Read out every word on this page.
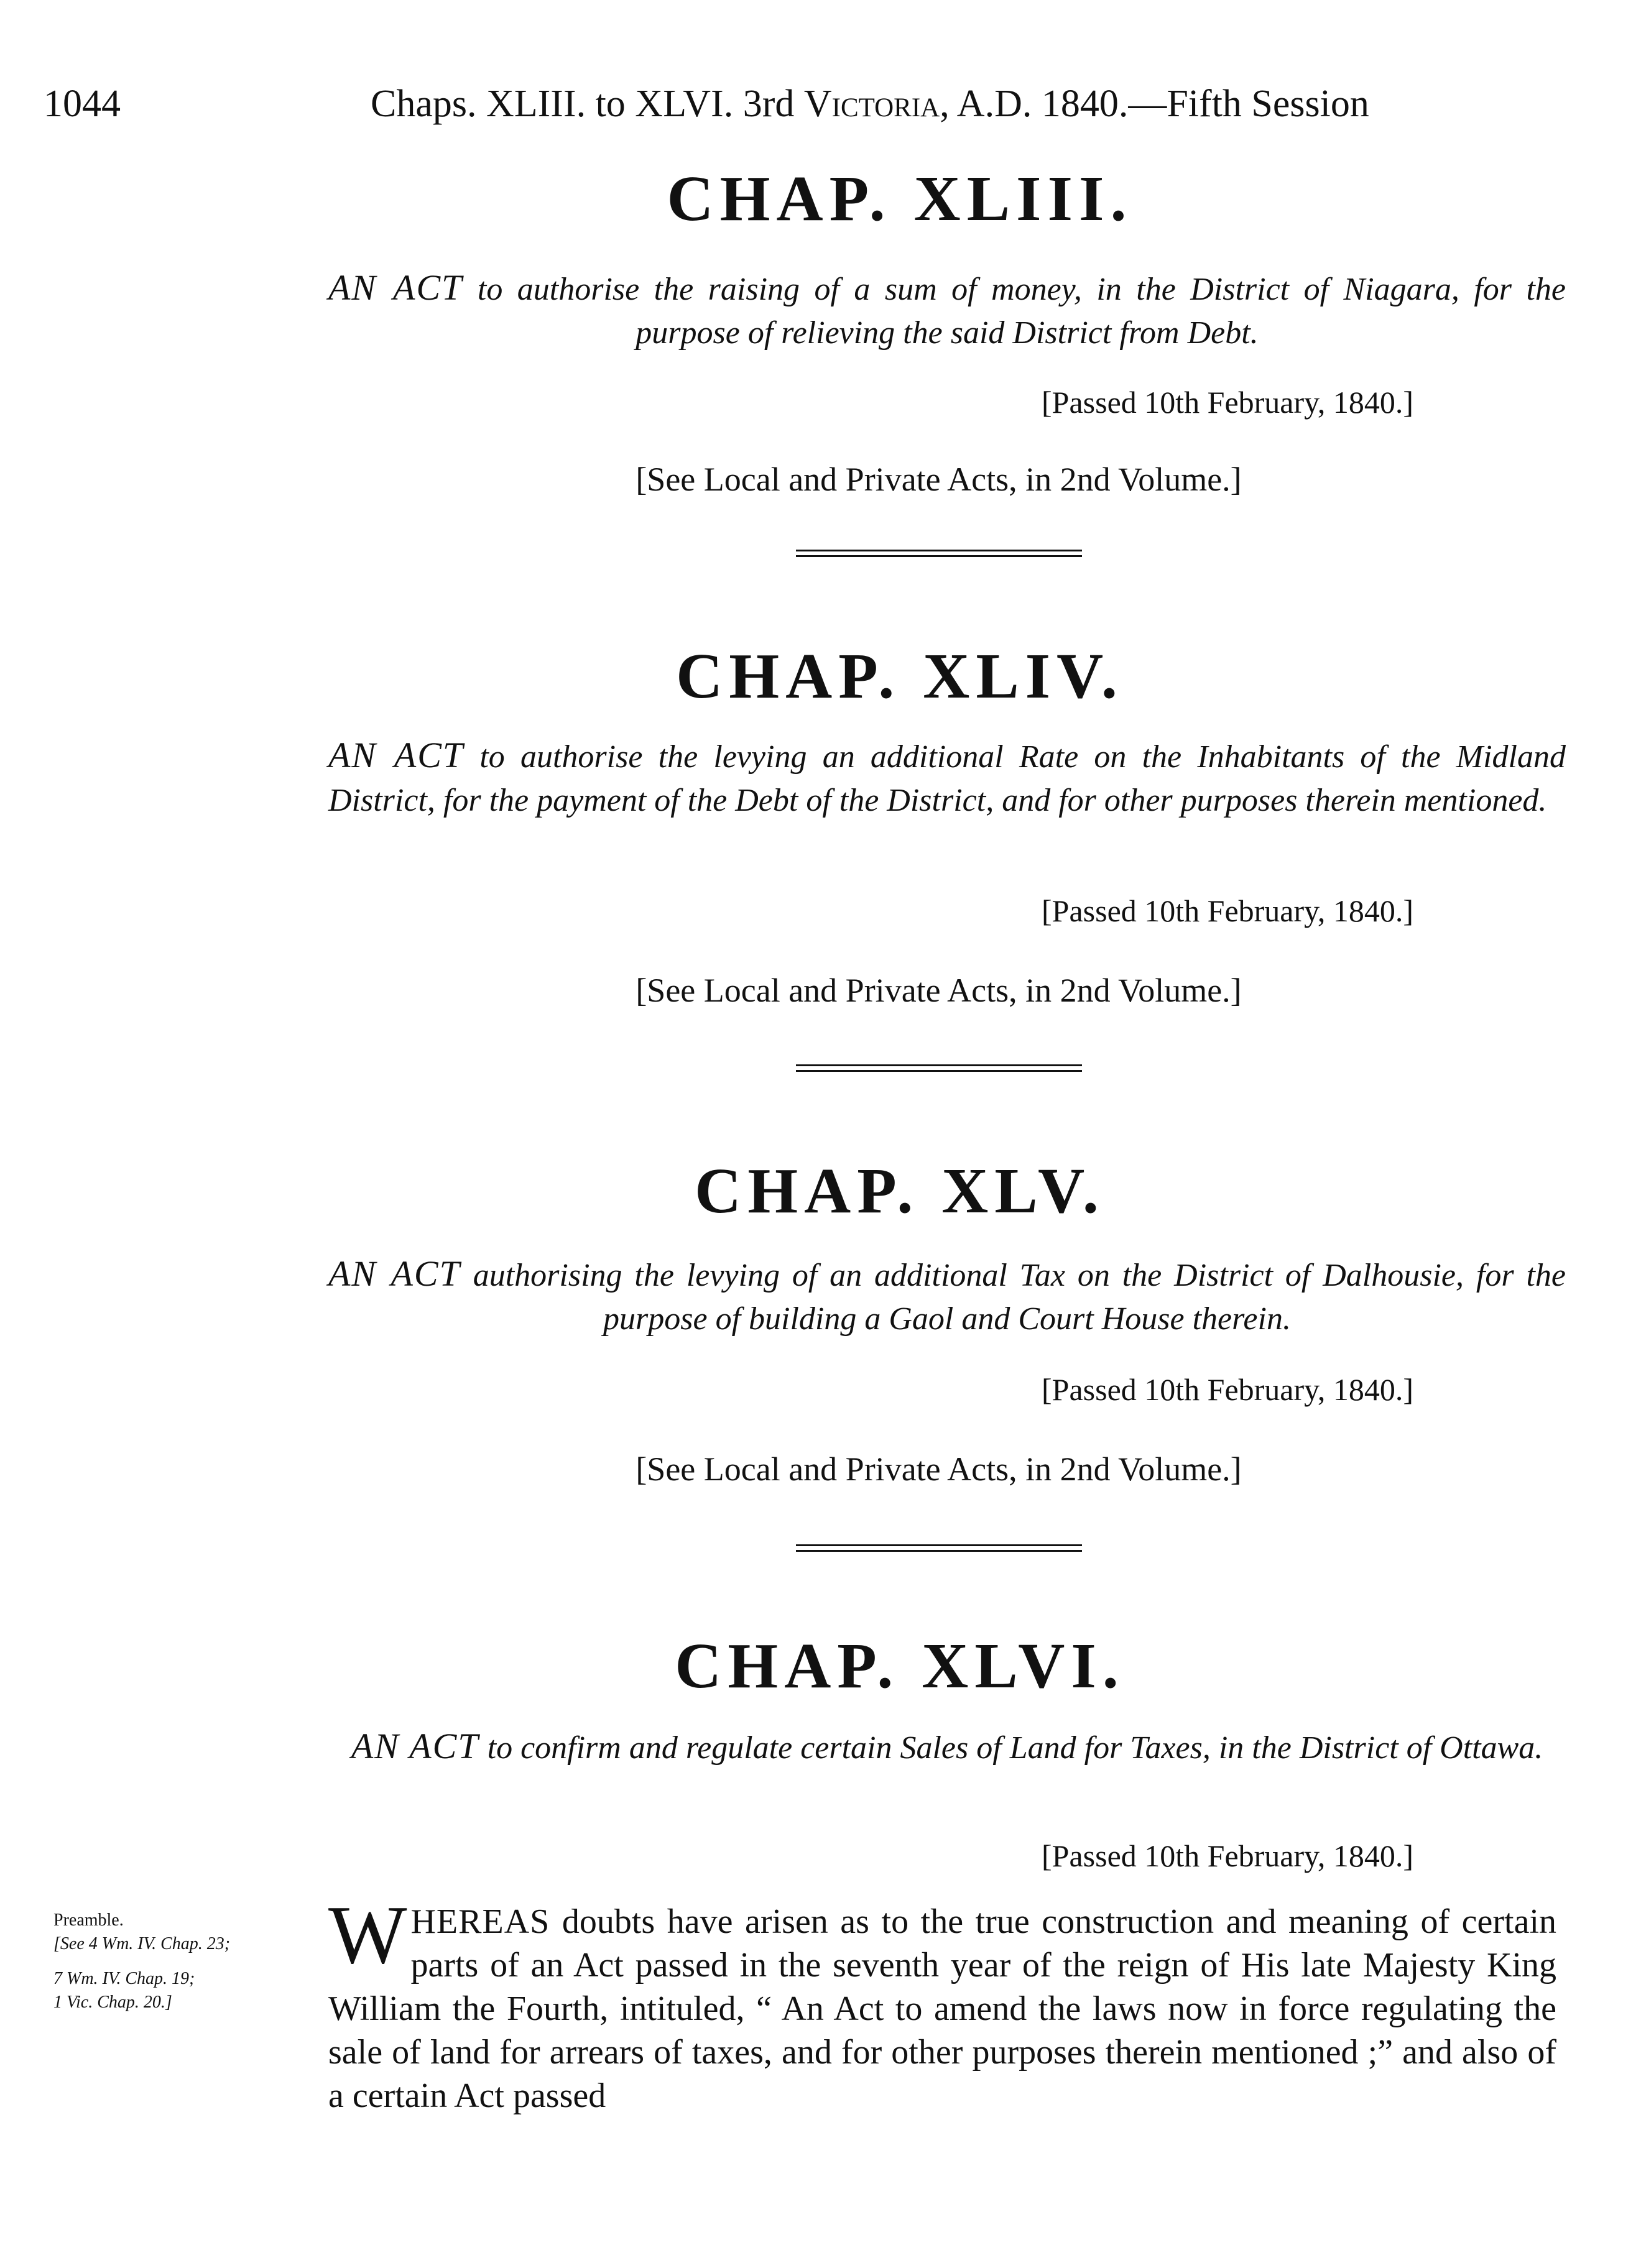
1044	Chaps. XLIII. to XLVI. 3rd Victoria, A.D. 1840.—Fifth Session
CHAP. XLIII.
AN ACT to authorise the raising of a sum of money, in the District of Niagara, for the purpose of relieving the said District from Debt.
[Passed 10th February, 1840.]
[See Local and Private Acts, in 2nd Volume.]
CHAP. XLIV.
AN ACT to authorise the levying an additional Rate on the Inhabitants of the Midland District, for the payment of the Debt of the District, and for other purposes therein mentioned.
[Passed 10th February, 1840.]
[See Local and Private Acts, in 2nd Volume.]
CHAP. XLV.
AN ACT authorising the levying of an additional Tax on the District of Dalhousie, for the purpose of building a Gaol and Court House therein.
[Passed 10th February, 1840.]
[See Local and Private Acts, in 2nd Volume.]
CHAP. XLVI.
AN ACT to confirm and regulate certain Sales of Land for Taxes, in the District of Ottawa.
[Passed 10th February, 1840.]
Preamble.
[See 4 Wm. IV. Chap. 23;
7 Wm. IV. Chap. 19;
1 Vic. Chap. 20.]
WHEREAS doubts have arisen as to the true construction and meaning of certain parts of an Act passed in the seventh year of the reign of His late Majesty King William the Fourth, intituled, “ An Act to amend the laws now in force regulating the sale of land for arrears of taxes, and for other purposes therein mentioned ;” and also of a certain Act passed
